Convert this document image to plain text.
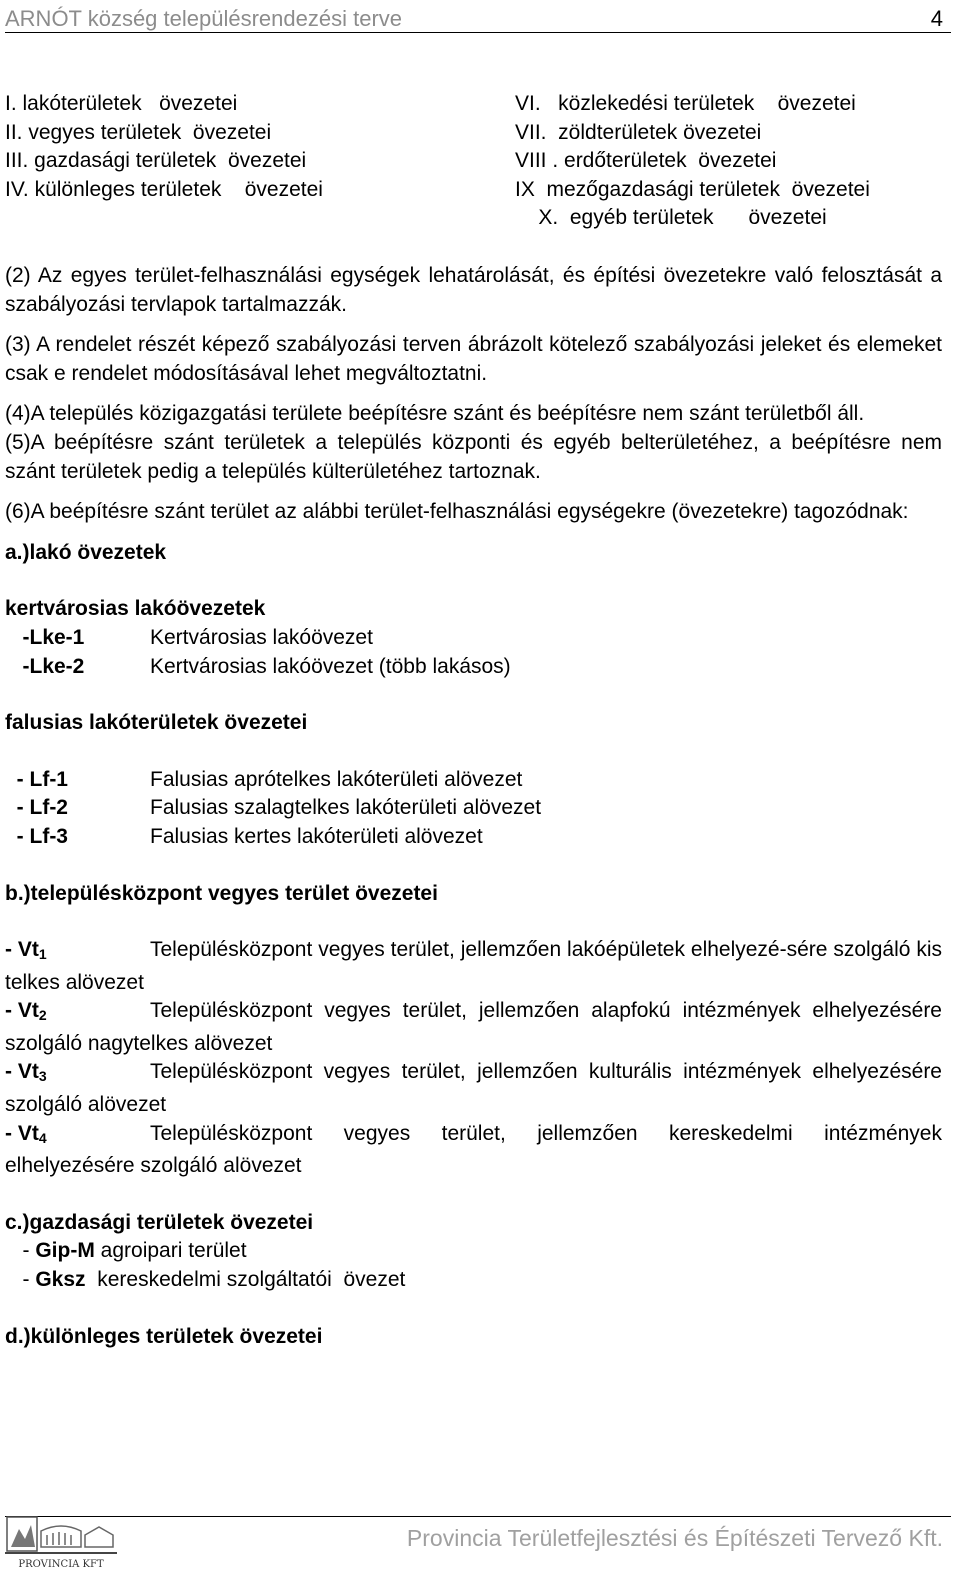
ARNÓT község településrendezési terve	4
I. lakóterületek   övezetei
II. vegyes területek  övezetei
III. gazdasági területek  övezetei
IV. különleges területek    övezetei
VI.   közlekedési területek    övezetei
VII.  zöldterületek övezetei
VIII . erdőterületek  övezetei
IX  mezőgazdasági területek  övezetei
X.  egyéb területek      övezetei
(2) Az egyes terület-felhasználási egységek lehatárolását, és építési övezetekre való felosztását a szabályozási tervlapok tartalmazzák.
(3) A rendelet részét képező szabályozási terven ábrázolt kötelező szabályozási jeleket és elemeket csak e rendelet módosításával lehet megváltoztatni.
(4)A település közigazgatási területe beépítésre szánt és beépítésre nem szánt területből áll.
(5)A beépítésre szánt területek a település központi és egyéb belterületéhez, a beépítésre nem szánt területek pedig a település külterületéhez tartoznak.
(6)A beépítésre szánt terület az alábbi terület-felhasználási egységekre (övezetekre) tagozódnak:
a.)lakó övezetek
kertvárosias lakóövezetek
-Lke-1	Kertvárosias lakóövezet
-Lke-2	Kertvárosias lakóövezet (több lakásos)
falusias lakóterületek övezetei
- Lf-1	Falusias aprótelkes lakóterületi alövezet
- Lf-2	Falusias szalagtelkes lakóterületi alövezet
- Lf-3	Falusias kertes lakóterületi alövezet
b.)településközpont vegyes terület övezetei
- $Vt_1$	Településközpont vegyes terület, jellemzően lakóépületek elhelyezé-sére szolgáló kis telkes alövezet
- $Vt_2$	Településközpont vegyes terület, jellemzően alapfokú intézmények elhelyezésére szolgáló nagytelkes alövezet
- $Vt_3$	Településközpont vegyes terület, jellemzően kulturális intézmények elhelyezésére szolgáló alövezet
- $Vt_4$	Településközpont vegyes terület, jellemzően kereskedelmi intézmények elhelyezésére szolgáló alövezet
c.)gazdasági területek övezetei
- Gip-M agroipari terület
- Gksz  kereskedelmi szolgáltatói  övezet
d.)különleges területek övezetei
PROVINCIA KFT
Provincia Területfejlesztési és Építészeti Tervező Kft.
